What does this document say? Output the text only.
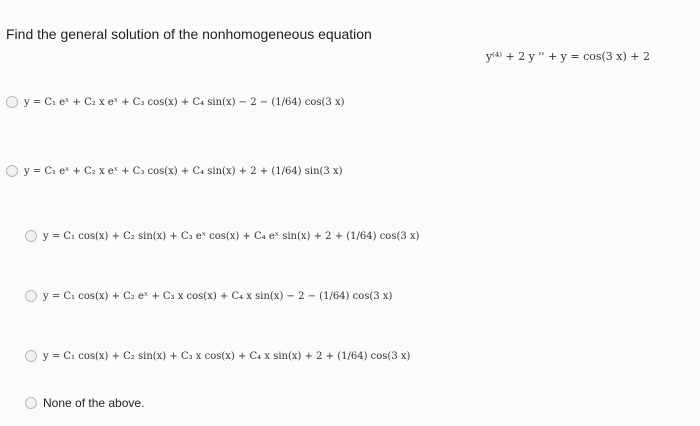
Find the general solution of the nonhomogeneous equation
y⁽⁴⁾ + 2 y '' + y = cos(3 x) + 2
y = C₁ eˣ + C₂ x eˣ + C₃ cos(x) + C₄ sin(x) − 2 − (1/64) cos(3 x)
y = C₁ eˣ + C₂ x eˣ + C₃ cos(x) + C₄ sin(x) + 2 + (1/64) sin(3 x)
y = C₁ cos(x) + C₂ sin(x) + C₃ eˣ cos(x) + C₄ eˣ sin(x) + 2 + (1/64) cos(3 x)
y = C₁ cos(x) + C₂ eˣ + C₃ x cos(x) + C₄ x sin(x) − 2 − (1/64) cos(3 x)
y = C₁ cos(x) + C₂ sin(x) + C₃ x cos(x) + C₄ x sin(x) + 2 + (1/64) cos(3 x)
None of the above.
